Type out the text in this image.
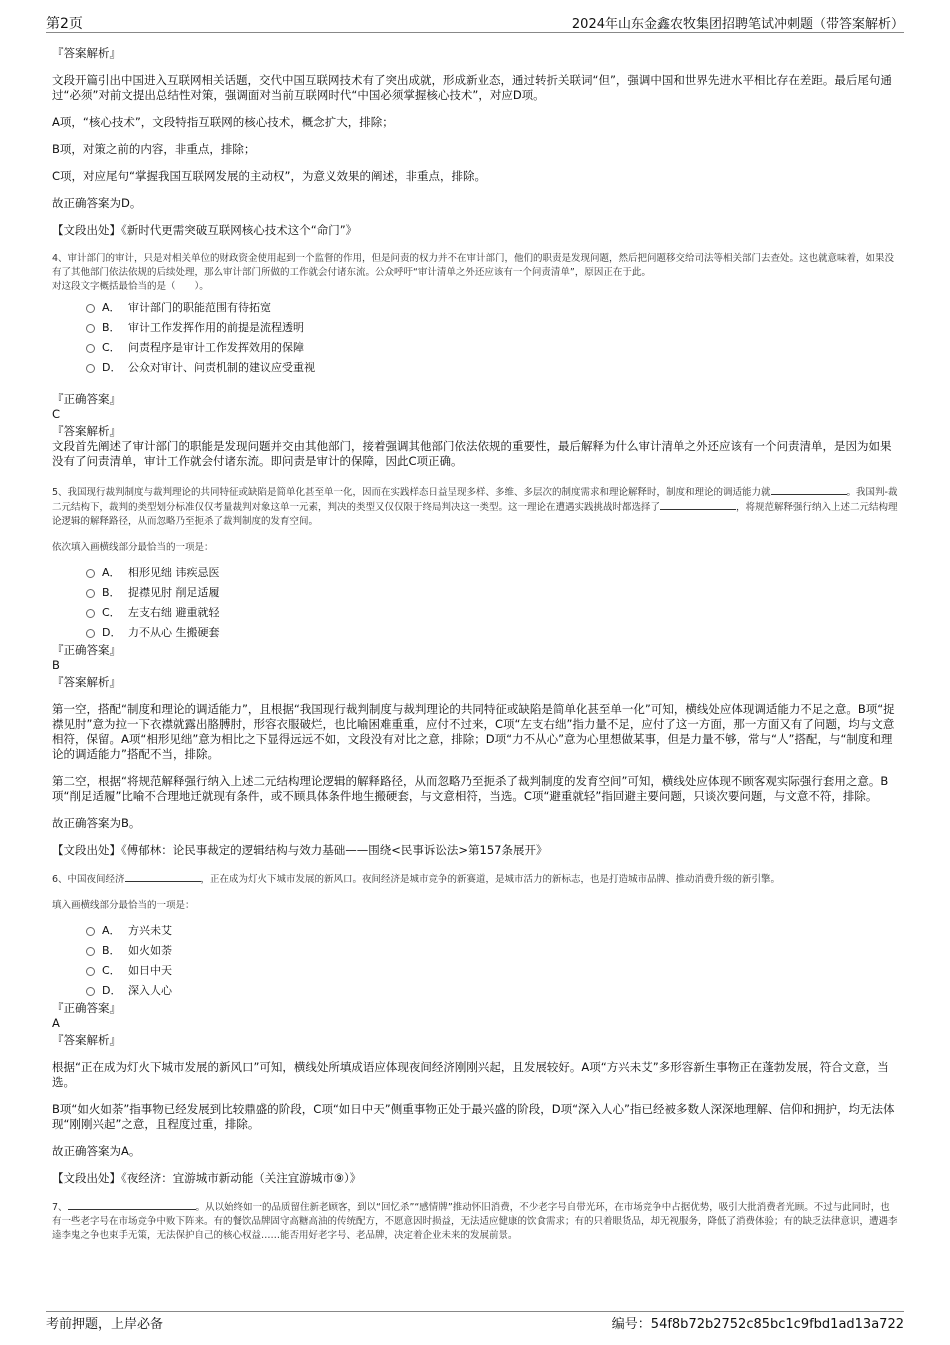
第2页	2024年山东金鑫农牧集团招聘笔试冲刺题（带答案解析）

『答案解析』

文段开篇引出中国进入互联网相关话题，交代中国互联网技术有了突出成就，形成新业态，通过转折关联词“但”，强调中国和世界先进水平相比存在差距。最后尾句通过“必须”对前文提出总结性对策，强调面对当前互联网时代“中国必须掌握核心技术”，对应D项。

A项，“核心技术”，文段特指互联网的核心技术，概念扩大，排除；

B项，对策之前的内容，非重点，排除；

C项，对应尾句“掌握我国互联网发展的主动权”，为意义效果的阐述，非重点，排除。

故正确答案为D。

【文段出处】《新时代更需突破互联网核心技术这个“命门”》

4、审计部门的审计，只是对相关单位的财政资金使用起到一个监督的作用，但是问责的权力并不在审计部门，他们的职责是发现问题，然后把问题移交给司法等相关部门去查处。这也就意味着，如果没有了其他部门依法依规的后续处理，那么审计部门所做的工作就会付诸东流。公众呼吁“审计清单之外还应该有一个问责清单”，原因正在于此。

对这段文字概括最恰当的是（　　）。

A． 审计部门的职能范围有待拓宽
B． 审计工作发挥作用的前提是流程透明
C． 问责程序是审计工作发挥效用的保障
D． 公众对审计、问责机制的建议应受重视

『正确答案』

C

『答案解析』

文段首先阐述了审计部门的职能是发现问题并交由其他部门，接着强调其他部门依法依规的重要性，最后解释为什么审计清单之外还应该有一个问责清单，是因为如果没有了问责清单，审计工作就会付诸东流。即问责是审计的保障，因此C项正确。

5、我国现行裁判制度与裁判理论的共同特征或缺陷是简单化甚至单一化，因而在实践样态日益呈现多样、多维、多层次的制度需求和理论解释时，制度和理论的调适能力就	。我国判-裁二元结构下，裁判的类型划分标准仅仅考量裁判对象这单一元素，判决的类型又仅仅限于终局判决这一类型。这一理论在遭遇实践挑战时都选择了	，将规范解释强行纳入上述二元结构理论逻辑的解释路径，从而忽略乃至扼杀了裁判制度的发育空间。

依次填入画横线部分最恰当的一项是：

A． 相形见绌 讳疾忌医
B． 捉襟见肘 削足适履
C． 左支右绌 避重就轻
D． 力不从心 生搬硬套

『正确答案』

B

『答案解析』

第一空，搭配“制度和理论的调适能力”，且根据“我国现行裁判制度与裁判理论的共同特征或缺陷是简单化甚至单一化”可知，横线处应体现调适能力不足之意。B项“捉襟见肘”意为拉一下衣襟就露出胳膊肘，形容衣服破烂，也比喻困难重重，应付不过来，C项“左支右绌”指力量不足，应付了这一方面，那一方面又有了问题，均与文意相符，保留。A项“相形见绌”意为相比之下显得远远不如，文段没有对比之意，排除；D项“力不从心”意为心里想做某事，但是力量不够，常与“人”搭配，与“制度和理论的调适能力”搭配不当，排除。

第二空，根据“将规范解释强行纳入上述二元结构理论逻辑的解释路径，从而忽略乃至扼杀了裁判制度的发育空间”可知，横线处应体现不顾客观实际强行套用之意。B项“削足适履”比喻不合理地迁就现有条件，或不顾具体条件地生搬硬套，与文意相符，当选。C项“避重就轻”指回避主要问题，只谈次要问题，与文意不符，排除。

故正确答案为B。

【文段出处】《傅郁林：论民事裁定的逻辑结构与效力基础——围绕<民事诉讼法>第157条展开》

6、中国夜间经济	，正在成为灯火下城市发展的新风口。夜间经济是城市竞争的新赛道，是城市活力的新标志，也是打造城市品牌、推动消费升级的新引擎。

填入画横线部分最恰当的一项是：

A． 方兴未艾
B． 如火如荼
C． 如日中天
D． 深入人心

『正确答案』

A

『答案解析』

根据“正在成为灯火下城市发展的新风口”可知，横线处所填成语应体现夜间经济刚刚兴起，且发展较好。A项“方兴未艾”多形容新生事物正在蓬勃发展，符合文意，当选。

B项“如火如荼”指事物已经发展到比较鼎盛的阶段，C项“如日中天”侧重事物正处于最兴盛的阶段，D项“深入人心”指已经被多数人深深地理解、信仰和拥护，均无法体现“刚刚兴起”之意，且程度过重，排除。

故正确答案为A。

【文段出处】《夜经济：宜游城市新动能（关注宜游城市⑨）》

7、	。从以始终如一的品质留住新老顾客，到以“回忆杀”“感情牌”推动怀旧消费，不少老字号自带光环，在市场竞争中占据优势，吸引大批消费者光顾。不过与此同时，也有一些老字号在市场竞争中败下阵来。有的餐饮品牌固守高糖高油的传统配方，不愿意因时损益，无法适应健康的饮食需求；有的只着眼货品，却无视服务，降低了消费体验；有的缺乏法律意识，遭遇李逵李鬼之争也束手无策，无法保护自己的核心权益……能否用好老字号、老品牌，决定着企业未来的发展前景。

考前押题，上岸必备	编号：54f8b72b2752c85bc1c9fbd1ad13a722
